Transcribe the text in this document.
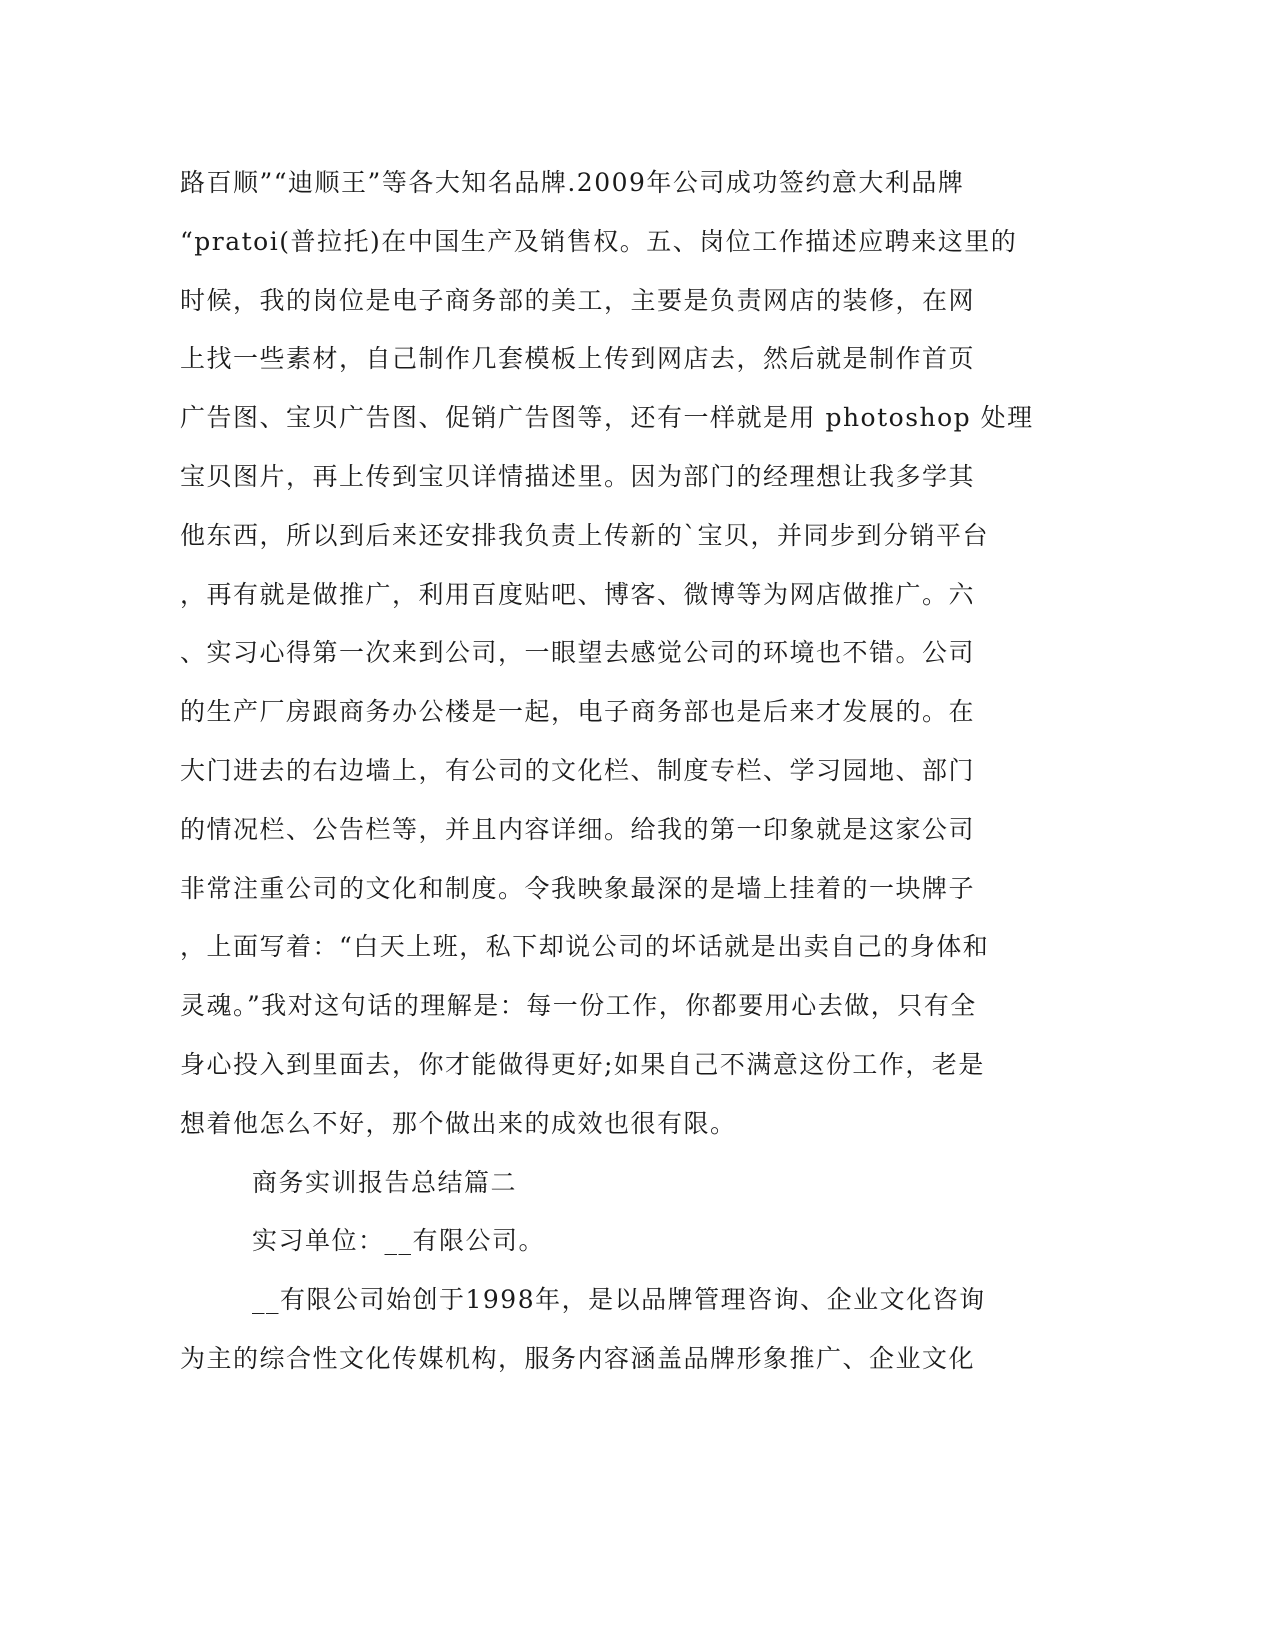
路百顺”“迪顺王”等各大知名品牌.2009年公司成功签约意大利品牌
“pratoi(普拉托)在中国生产及销售权。五、岗位工作描述应聘来这里的
时候，我的岗位是电子商务部的美工，主要是负责网店的装修，在网
上找一些素材，自己制作几套模板上传到网店去，然后就是制作首页
广告图、宝贝广告图、促销广告图等，还有一样就是用 photoshop 处理
宝贝图片，再上传到宝贝详情描述里。因为部门的经理想让我多学其
他东西，所以到后来还安排我负责上传新的`宝贝，并同步到分销平台
，再有就是做推广，利用百度贴吧、博客、微博等为网店做推广。六
、实习心得第一次来到公司，一眼望去感觉公司的环境也不错。公司
的生产厂房跟商务办公楼是一起，电子商务部也是后来才发展的。在
大门进去的右边墙上，有公司的文化栏、制度专栏、学习园地、部门
的情况栏、公告栏等，并且内容详细。给我的第一印象就是这家公司
非常注重公司的文化和制度。令我映象最深的是墙上挂着的一块牌子
，上面写着：“白天上班，私下却说公司的坏话就是出卖自己的身体和
灵魂。”我对这句话的理解是：每一份工作，你都要用心去做，只有全
身心投入到里面去，你才能做得更好;如果自己不满意这份工作，老是
想着他怎么不好，那个做出来的成效也很有限。
商务实训报告总结篇二
实习单位：__有限公司。
__有限公司始创于1998年，是以品牌管理咨询、企业文化咨询
为主的综合性文化传媒机构，服务内容涵盖品牌形象推广、企业文化
